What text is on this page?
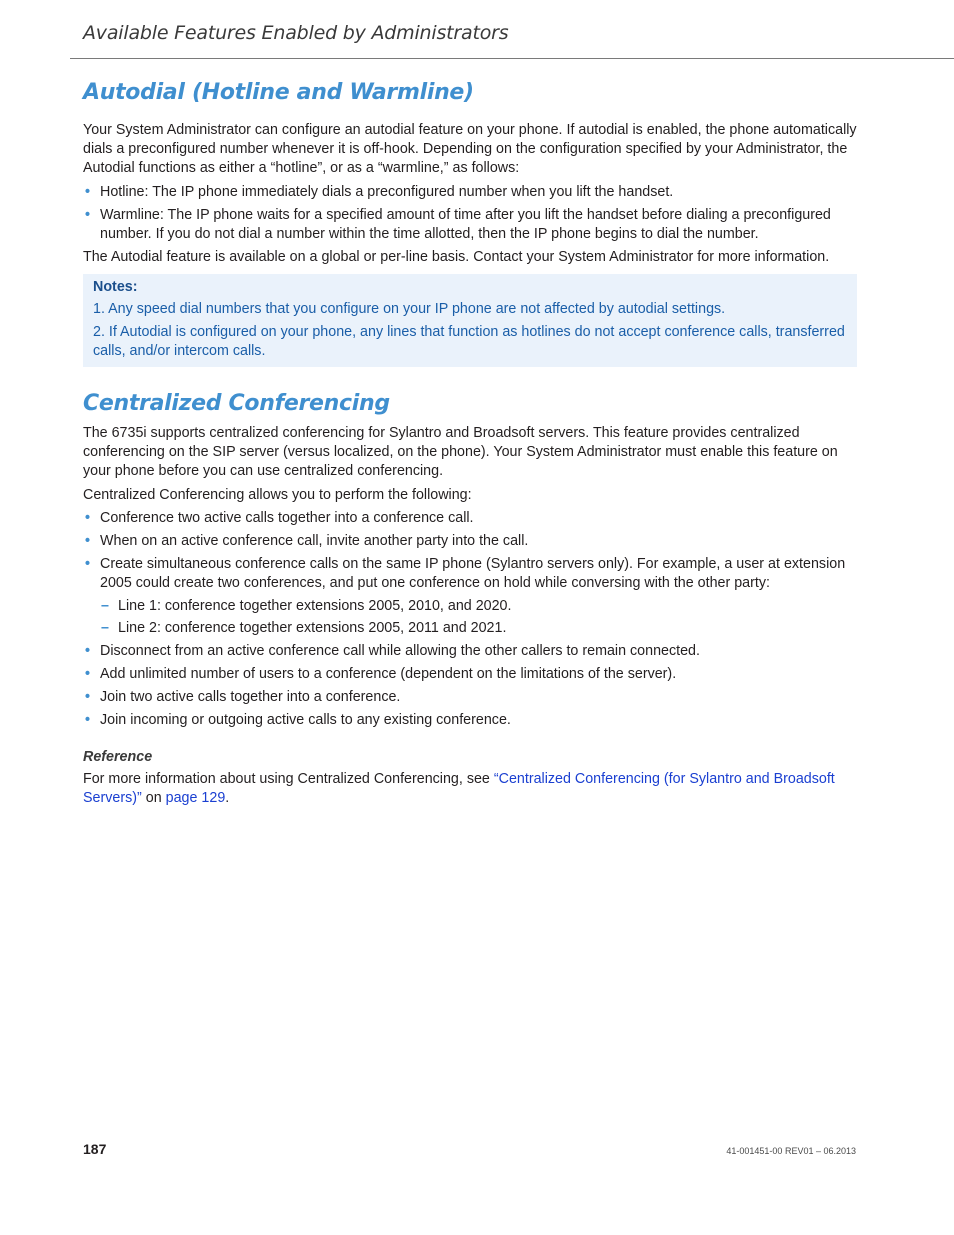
Available Features Enabled by Administrators
Autodial (Hotline and Warmline)

Your System Administrator can configure an autodial feature on your phone. If autodial is enabled, the phone automatically dials a preconfigured number whenever it is off-hook. Depending on the configuration specified by your Administrator, the Autodial functions as either a “hotline”, or as a “warmline,” as follows:

• Hotline: The IP phone immediately dials a preconfigured number when you lift the handset.
• Warmline: The IP phone waits for a specified amount of time after you lift the handset before dialing a preconfigured number. If you do not dial a number within the time allotted, then the IP phone begins to dial the number.

The Autodial feature is available on a global or per-line basis. Contact your System Administrator for more information.

Notes:
1. Any speed dial numbers that you configure on your IP phone are not affected by autodial settings.
2. If Autodial is configured on your phone, any lines that function as hotlines do not accept conference calls, transferred calls, and/or intercom calls.
Centralized Conferencing

The 6735i supports centralized conferencing for Sylantro and Broadsoft servers. This feature provides centralized conferencing on the SIP server (versus localized, on the phone). Your System Administrator must enable this feature on your phone before you can use centralized conferencing.

Centralized Conferencing allows you to perform the following:

• Conference two active calls together into a conference call.
• When on an active conference call, invite another party into the call.
• Create simultaneous conference calls on the same IP phone (Sylantro servers only). For example, a user at extension 2005 could create two conferences, and put one conference on hold while conversing with the other party:
– Line 1: conference together extensions 2005, 2010, and 2020.
– Line 2: conference together extensions 2005, 2011 and 2021.
• Disconnect from an active conference call while allowing the other callers to remain connected.
• Add unlimited number of users to a conference (dependent on the limitations of the server).
• Join two active calls together into a conference.
• Join incoming or outgoing active calls to any existing conference.
Reference

For more information about using Centralized Conferencing, see “Centralized Conferencing (for Sylantro and Broadsoft Servers)” on page 129.

187	41-001451-00 REV01 – 06.2013
